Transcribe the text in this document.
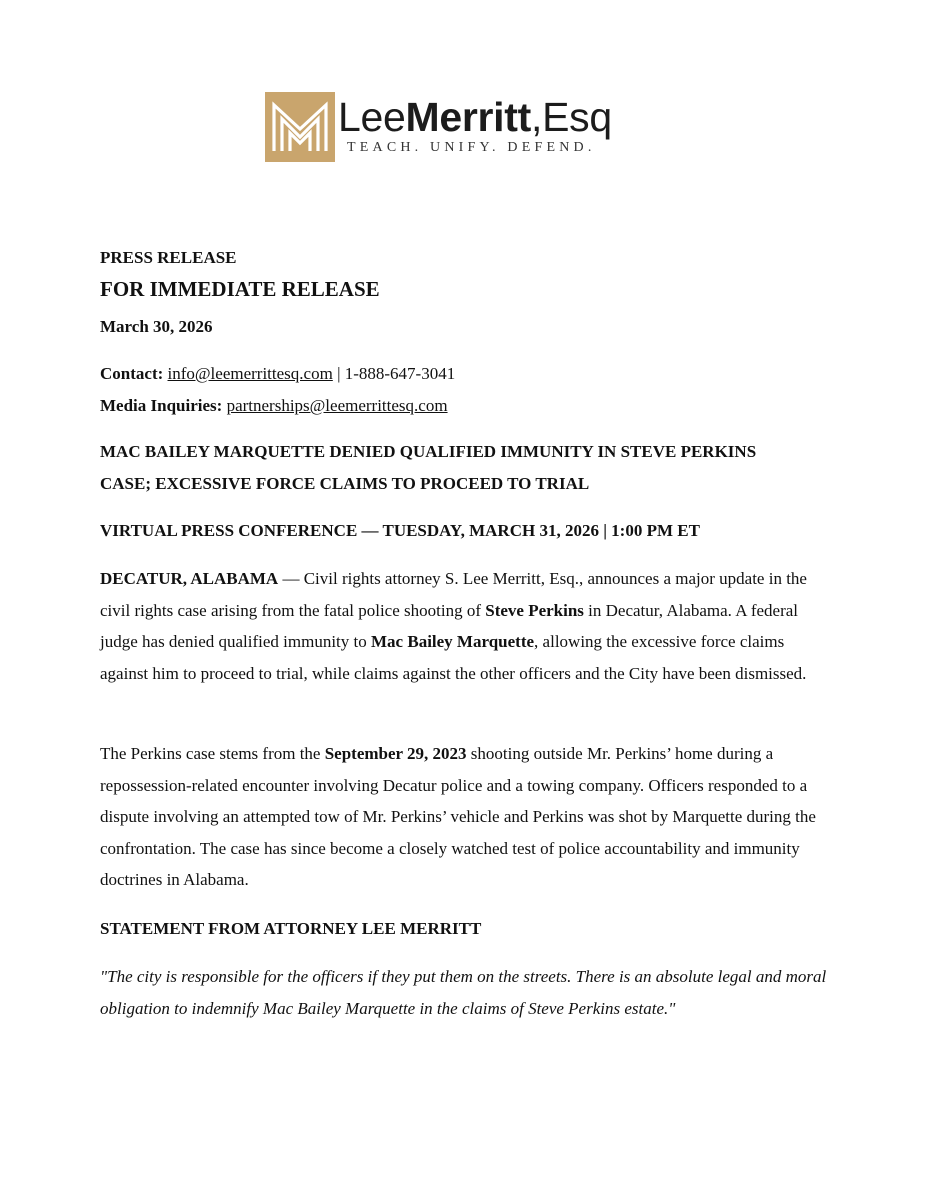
LeeMerritt,Esq
TEACH. UNIFY. DEFEND.
PRESS RELEASE
FOR IMMEDIATE RELEASE
March 30, 2026
Contact: info@leemerrittesq.com | 1-888-647-3041
Media Inquiries: partnerships@leemerrittesq.com
MAC BAILEY MARQUETTE DENIED QUALIFIED IMMUNITY IN STEVE PERKINS
CASE; EXCESSIVE FORCE CLAIMS TO PROCEED TO TRIAL
VIRTUAL PRESS CONFERENCE — TUESDAY, MARCH 31, 2026 | 1:00 PM ET
DECATUR, ALABAMA — Civil rights attorney S. Lee Merritt, Esq., announces a major update in the civil rights case arising from the fatal police shooting of Steve Perkins in Decatur, Alabama. A federal judge has denied qualified immunity to Mac Bailey Marquette, allowing the excessive force claims against him to proceed to trial, while claims against the other officers and the City have been dismissed.
The Perkins case stems from the September 29, 2023 shooting outside Mr. Perkins’ home during a repossession-related encounter involving Decatur police and a towing company. Officers responded to a dispute involving an attempted tow of Mr. Perkins’ vehicle and Perkins was shot by Marquette during the confrontation. The case has since become a closely watched test of police accountability and immunity doctrines in Alabama.
STATEMENT FROM ATTORNEY LEE MERRITT
"The city is responsible for the officers if they put them on the streets. There is an absolute legal and moral obligation to indemnify Mac Bailey Marquette in the claims of Steve Perkins estate."
